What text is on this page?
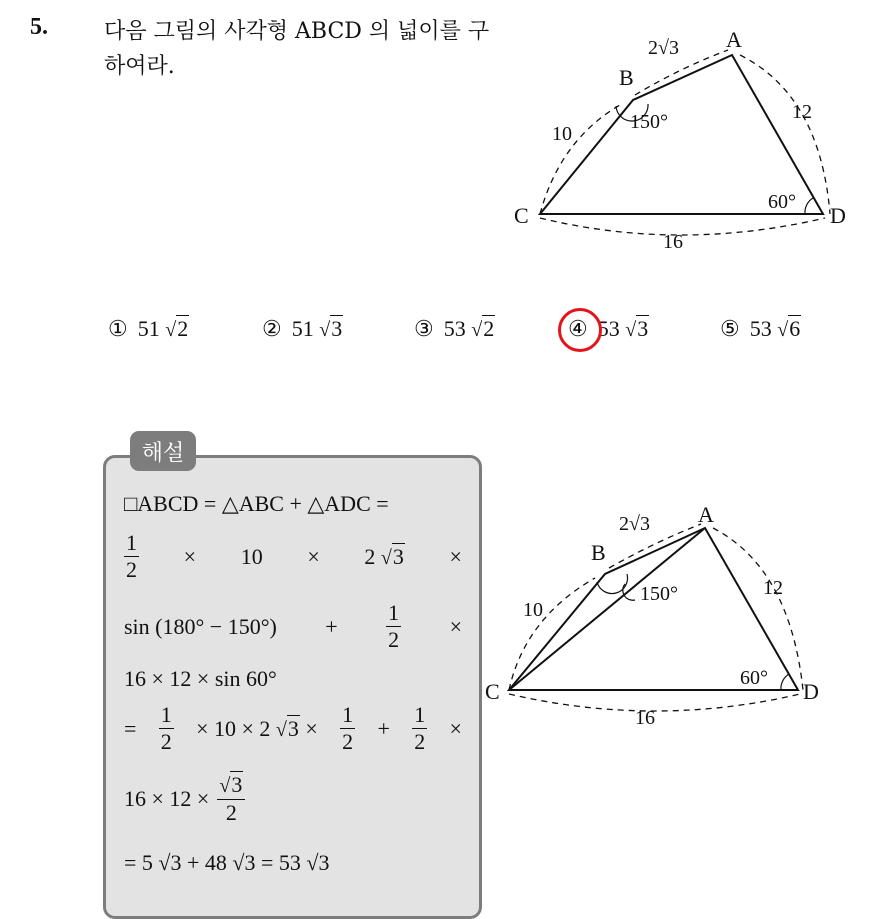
5.	다음 그림의 사각형 ABCD 의 넓이를 구하여라.
A
B
C	D
2√3
10
12
16
150°
60°
① 51 √2	② 51 √3	③ 53 √2	④ 53 √3	⑤ 53 √6
해설
□ABCD = △ABC + △ADC =
$\frac{1}{2} \times 10 \times 2$ √3 ×
$\sin (180^\circ - 150^\circ) + \frac{1}{2}$ ×
16 × 12 × sin 60°
= $\frac{1}{2} \times 10 \times 2$ $√3 \times \frac{1}{2} + \frac{1}{2}$ ×
$16 \times 12 \times \frac{√3}{2}$
= 5 √3 + 48 √3 = 53 √3
A
B
C	D
2√3
10
12
16
150°
60°
